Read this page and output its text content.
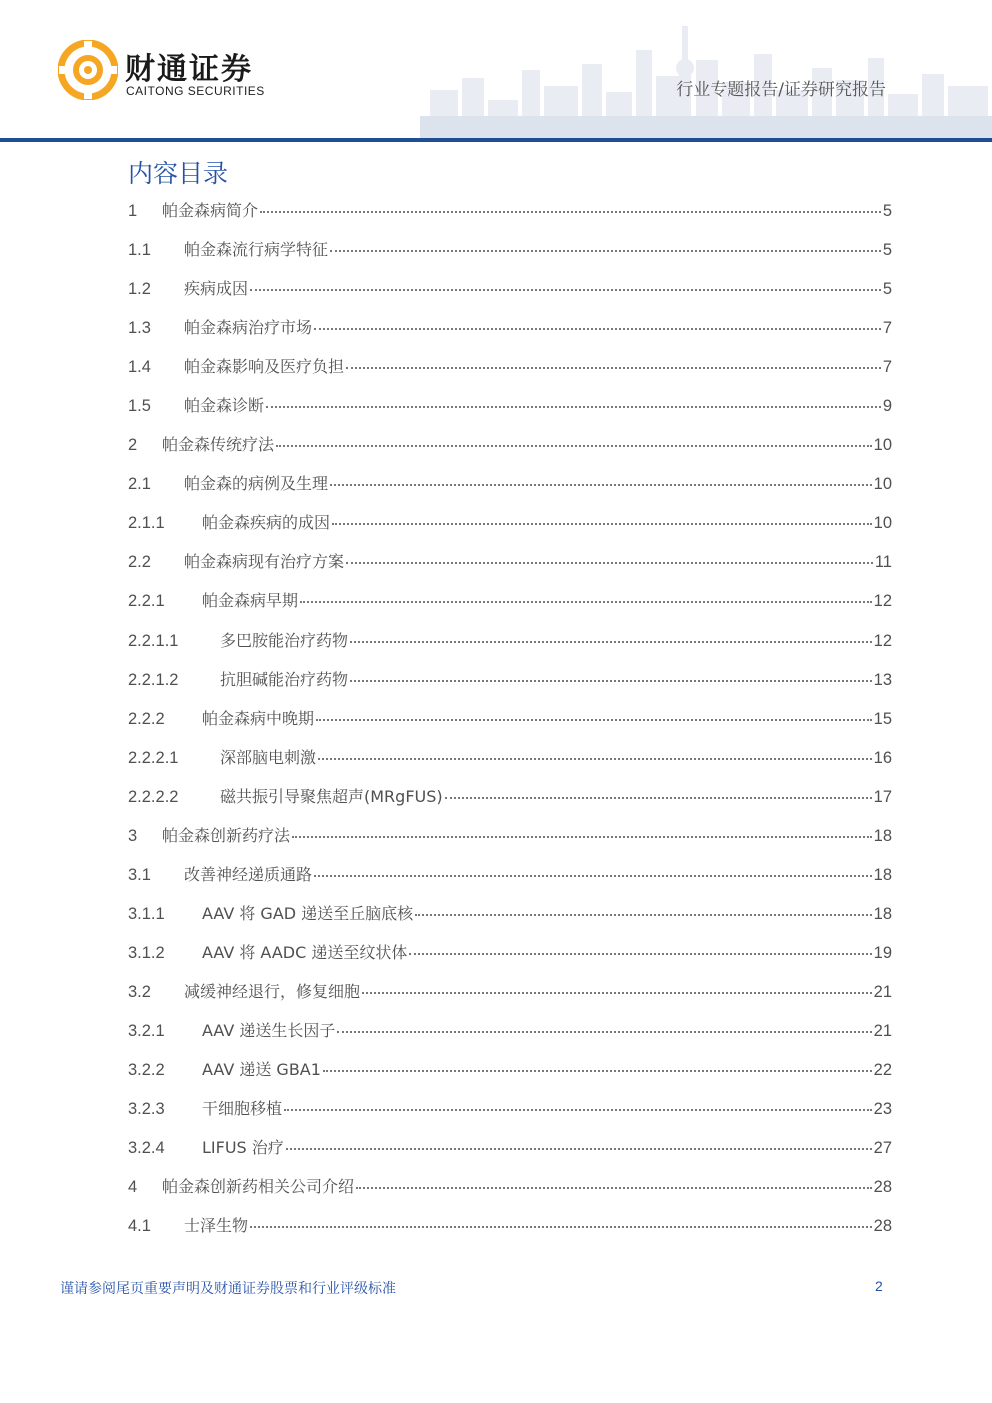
财通证券
CAITONG SECURITIES	行业专题报告/证券研究报告
内容目录
1	帕金森病简介	5
1.1	帕金森流行病学特征	5
1.2	疾病成因	5
1.3	帕金森病治疗市场	7
1.4	帕金森影响及医疗负担	7
1.5	帕金森诊断	9
2	帕金森传统疗法	10
2.1	帕金森的病例及生理	10
2.1.1	帕金森疾病的成因	10
2.2	帕金森病现有治疗方案	11
2.2.1	帕金森病早期	12
2.2.1.1	多巴胺能治疗药物	12
2.2.1.2	抗胆碱能治疗药物	13
2.2.2	帕金森病中晚期	15
2.2.2.1	深部脑电刺激	16
2.2.2.2	磁共振引导聚焦超声(MRgFUS)	17
3	帕金森创新药疗法	18
3.1	改善神经递质通路	18
3.1.1	AAV 将 GAD 递送至丘脑底核	18
3.1.2	AAV 将 AADC 递送至纹状体	19
3.2	减缓神经退行，修复细胞	21
3.2.1	AAV 递送生长因子	21
3.2.2	AAV 递送 GBA1	22
3.2.3	干细胞移植	23
3.2.4	LIFUS 治疗	27
4	帕金森创新药相关公司介绍	28
4.1	士泽生物	28
谨请参阅尾页重要声明及财通证券股票和行业评级标准	2
